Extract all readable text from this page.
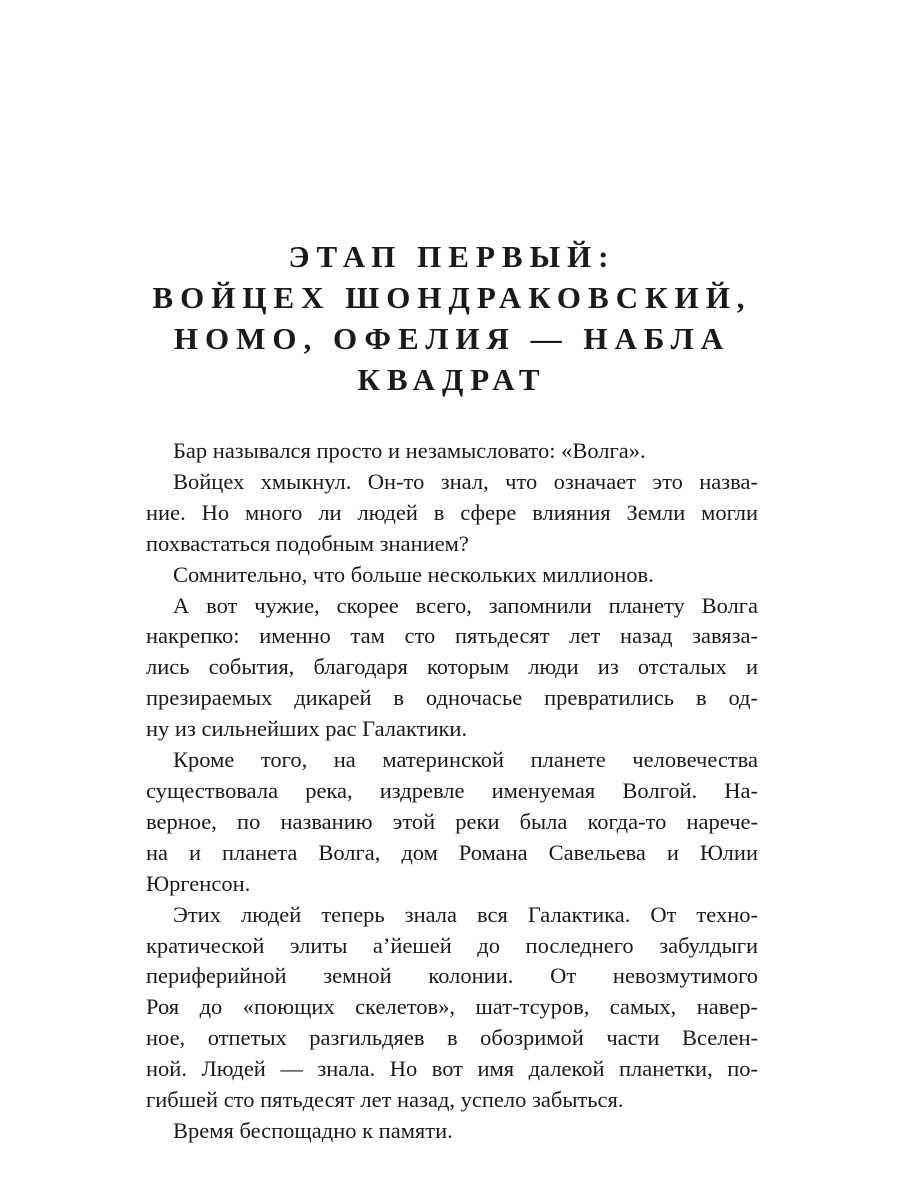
ЭТАП ПЕРВЫЙ:
ВОЙЦЕХ ШОНДРАКОВСКИЙ,
НОМО, ОФЕЛИЯ — НАБЛА
КВАДРАТ

Бар назывался просто и незамысловато: «Волга».

Войцех хмыкнул. Он-то знал, что означает это назва-
ние. Но много ли людей в сфере влияния Земли могли
похвастаться подобным знанием?

Сомнительно, что больше нескольких миллионов.

А вот чужие, скорее всего, запомнили планету Волга
накрепко: именно там сто пятьдесят лет назад завяза-
лись события, благодаря которым люди из отсталых и
презираемых дикарей в одночасье превратились в од-
ну из сильнейших рас Галактики.

Кроме того, на материнской планете человечества
существовала река, издревле именуемая Волгой. На-
верное, по названию этой реки была когда-то нарече-
на и планета Волга, дом Романа Савельева и Юлии
Юргенсон.

Этих людей теперь знала вся Галактика. От техно-
кратической элиты а’йешей до последнего забулдыги
периферийной земной колонии. От невозмутимого
Роя до «поющих скелетов», шат-тсуров, самых, навер-
ное, отпетых разгильдяев в обозримой части Вселен-
ной. Людей — знала. Но вот имя далекой планетки, по-
гибшей сто пятьдесят лет назад, успело забыться.

Время беспощадно к памяти.
